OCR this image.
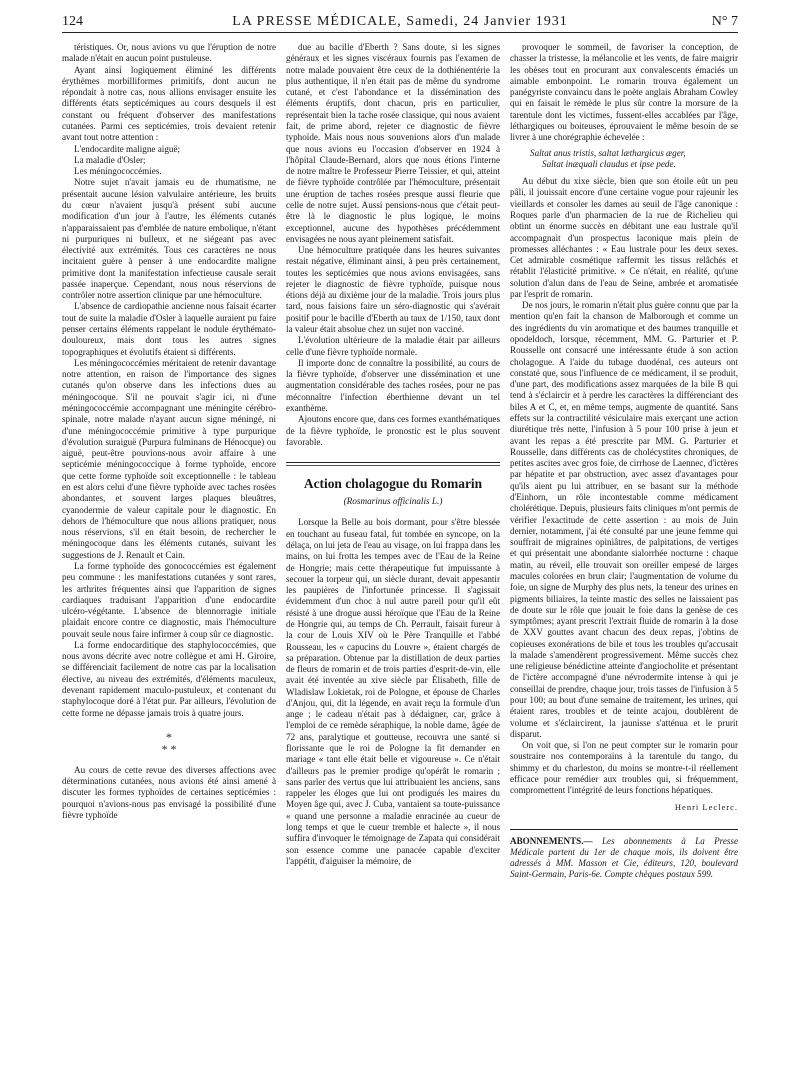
124	LA PRESSE MÉDICALE, Samedi, 24 Janvier 1931	N° 7

téristiques. Or, nous avions vu que l'éruption de notre malade n'était en aucun point pustuleuse.

Ayant ainsi logiquement éliminé les différents érythèmes morbilliformes primitifs, dont aucun ne répondait à notre cas, nous allions envisager ensuite les différents états septicémiques au cours desquels il est constant ou fréquent d'observer des manifestations cutanées. Parmi ces septicémies, trois devaient retenir avant tout notre attention :

L'endocardite maligne aiguë;

La maladie d'Osler;

Les méningococcémies.

Notre sujet n'avait jamais eu de rhumatisme, ne présentait aucune lésion valvulaire antérieure, les bruits du cœur n'avaient jusqu'à présent subi aucune modification d'un jour à l'autre, les éléments cutanés n'apparaissaient pas d'emblée de nature embolique, n'étant ni purpuriques ni bulleux, et ne siégeant pas avec électivité aux extrémités. Tous ces caractères ne nous incitaient guère à penser à une endocardite maligne primitive dont la manifestation infectieuse causale serait passée inaperçue. Cependant, nous nous réservions de contrôler notre assertion clinique par une hémoculture.

L'absence de cardiopathie ancienne nous faisait écarter tout de suite la maladie d'Osler à laquelle auraient pu faire penser certains éléments rappelant le nodule érythémato-douloureux, mais dont tous les autres signes topographiques et évolutifs étaient si différents.

Les méningococcémies méritaient de retenir davantage notre attention, en raison de l'importance des signes cutanés qu'on observe dans les infections dues au méningocoque. S'il ne pouvait s'agir ici, ni d'une méningococcémie accompagnant une méningite cérébro-spinale, notre malade n'ayant aucun signe méningé, ni d'une méningococcémie primitive à type purpurique d'évolution suraiguë (Purpura fulminans de Hénocque) ou aiguë, peut-être pouvions-nous avoir affaire à une septicémie méningococcique à forme typhoïde, encore que cette forme typhoïde soit exceptionnelle : le tableau en est alors celui d'une fièvre typhoïde avec taches rosées abondantes, et souvent larges plaques bleuâtres, cyanodermie de valeur capitale pour le diagnostic. En dehors de l'hémoculture que nous allions pratiquer, nous nous réservions, s'il en était besoin, de rechercher le méningocoque dans les éléments cutanés, suivant les suggestions de J. Renault et Cain.

La forme typhoïde des gonococcémies est également peu commune : les manifestations cutanées y sont rares, les arthrites fréquentes ainsi que l'apparition de signes cardiaques traduisant l'apparition d'une endocardite ulcéro-végétante. L'absence de blennorragie initiale plaidait encore contre ce diagnostic, mais l'hémoculture pouvait seule nous faire infirmer à coup sûr ce diagnostic.

La forme endocarditique des staphylococcémies, que nous avons décrite avec notre collègue et ami H. Giroire, se différenciait facilement de notre cas par la localisation élective, au niveau des extrémités, d'éléments maculeux, devenant rapidement maculo-pustuleux, et contenant du staphylocoque doré à l'état pur. Par ailleurs, l'évolution de cette forme ne dépasse jamais trois à quatre jours.

*
* *

Au cours de cette revue des diverses affections avec déterminations cutanées, nous avions été ainsi amené à discuter les formes typhoïdes de certaines septicémies : pourquoi n'avions-nous pas envisagé la possibilité d'une fièvre typhoïde

due au bacille d'Eberth ? Sans doute, si les signes généraux et les signes viscéraux fournis pas l'examen de notre malade pouvaient être ceux de la dothiénentérie la plus authentique, il n'en était pas de même du syndrome cutané, et c'est l'abondance et la dissémination des éléments éruptifs, dont chacun, pris en particulier, représentait bien la tache rosée classique, qui nous avaient fait, de prime abord, rejeter ce diagnostic de fièvre typhoïde. Mais nous nous souvenions alors d'un malade que nous avions eu l'occasion d'observer en 1924 à l'hôpital Claude-Bernard, alors que nous étions l'interne de notre maître le Professeur Pierre Teissier, et qui, atteint de fièvre typhoïde contrôlée par l'hémoculture, présentait une éruption de taches rosées presque aussi fleurie que celle de notre sujet. Aussi pensions-nous que c'était peut-être là le diagnostic le plus logique, le moins exceptionnel, aucune des hypothèses précédemment envisagées ne nous ayant pleinement satisfait.

Une hémoculture pratiquée dans les heures suivantes restait négative, éliminant ainsi, à peu près certainement, toutes les septicémies que nous avions envisagées, sans rejeter le diagnostic de fièvre typhoïde, puisque nous étions déjà au dixième jour de la maladie. Trois jours plus tard, nous faisions faire un séro-diagnostic qui s'avérait positif pour le bacille d'Eberth au taux de 1/150, taux dont la valeur était absolue chez un sujet non vacciné.

L'évolution ultérieure de la maladie était par ailleurs celle d'une fièvre typhoïde normale.

Il importe donc de connaître la possibilité, au cours de la fièvre typhoïde, d'observer une dissémination et une augmentation considérable des taches rosées, pour ne pas méconnaître l'infection éberthienne devant un tel exanthème.

Ajoutons encore que, dans ces formes exanthématiques de la fièvre typhoïde, le pronostic est le plus souvent favorable.

Action cholagogue du Romarin
(Rosmarinus officinalis L.)

Lorsque la Belle au bois dormant, pour s'être blessée en touchant au fuseau fatal, fut tombée en syncope, on la délaça, on lui jeta de l'eau au visage, on lui frappa dans les mains, on lui frotta les tempes avec de l'Eau de la Reine de Hongrie; mais cette thérapeutique fut impuissante à secouer la torpeur qui, un siècle durant, devait appesantir les paupières de l'infortunée princesse. Il s'agissait évidemment d'un choc à nul autre pareil pour qu'il eût résisté à une drogue aussi héroïque que l'Eau de la Reine de Hongrie qui, au temps de Ch. Perrault, faisait fureur à la cour de Louis XIV où le Père Tranquille et l'abbé Rousseau, les « capucins du Louvre », étaient chargés de sa préparation. Obtenue par la distillation de deux parties de fleurs de romarin et de trois parties d'esprit-de-vin, elle avait été inventée au xive siècle par Élisabeth, fille de Wladislaw Lokietak, roi de Pologne, et épouse de Charles d'Anjou, qui, dit la légende, en avait reçu la formule d'un ange ; le cadeau n'était pas à dédaigner, car, grâce à l'emploi de ce remède séraphique, la noble dame, âgée de 72 ans, paralytique et goutteuse, recouvra une santé si florissante que le roi de Pologne la fit demander en mariage « tant elle était belle et vigoureuse ». Ce n'était d'ailleurs pas le premier prodige qu'opérât le romarin ; sans parler des vertus que lui attribuaient les anciens, sans rappeler les éloges que lui ont prodigués les maires du Moyen âge qui, avec J. Cuba, vantaient sa toute-puissance « quand une personne a maladie enracinée au cueur de long temps et que le cueur tremble et halecte », il nous suffira d'invoquer le témoignage de Zapata qui considérait son essence comme une panacée capable d'exciter l'appétit, d'aiguiser la mémoire, de

provoquer le sommeil, de favoriser la conception, de chasser la tristesse, la mélancolie et les vents, de faire maigrir les obèses tout en procurant aux convalescents émaciés un aimable embonpoint. Le romarin trouva également un panégyriste convaincu dans le poète anglais Abraham Cowley qui en faisait le remède le plus sûr contre la morsure de la tarentule dont les victimes, fussent-elles accablées par l'âge, léthargiques ou boiteuses, éprouvaient le même besoin de se livrer à une chorégraphie échevelée :

Saltat anus tristis, saltat læthargicus æger,
Saltat inæquali claudus et ipse pede.

Au début du xixe siècle, bien que son étoile eût un peu pâli, il jouissait encore d'une certaine vogue pour rajeunir les vieillards et consoler les dames au seuil de l'âge canonique : Roques parle d'un pharmacien de la rue de Richelieu qui obtint un énorme succès en débitant une eau lustrale qu'il accompagnait d'un prospectus laconique mais plein de promesses alléchantes : « Eau lustrale pour les deux sexes. Cet admirable cosmétique raffermit les tissus relâchés et rétablit l'élasticité primitive. » Ce n'était, en réalité, qu'une solution d'alun dans de l'eau de Seine, ambrée et aromatisée par l'esprit de romarin.

De nos jours, le romarin n'était plus guère connu que par la mention qu'en fait la chanson de Malborough et comme un des ingrédients du vin aromatique et des baumes tranquille et opodeldoch, lorsque, récemment, MM. G. Parturier et P. Rousselle ont consacré une intéressante étude à son action cholagogue. A l'aide du tubage duodénal, ces auteurs ont constaté que, sous l'influence de ce médicament, il se produit, d'une part, des modifications assez marquées de la bile B qui tend à s'éclaircir et à perdre les caractères la différenciant des biles A et C, et, en même temps, augmente de quantité. Sans effets sur la contractilité vésiculaire mais exerçant une action diurétique très nette, l'infusion à 5 pour 100 prise à jeun et avant les repas a été prescrite par MM. G. Parturier et Rousselle, dans différents cas de cholécystites chroniques, de petites ascites avec gros foie, de cirrhose de Laennec, d'ictères par hépatite et par obstruction, avec assez d'avantages pour qu'ils aient pu lui attribuer, en se basant sur la méthode d'Einhorn, un rôle incontestable comme médicament cholérétique. Depuis, plusieurs faits cliniques m'ont permis de vérifier l'exactitude de cette assertion : au mois de Juin dernier, notamment, j'ai été consulté par une jeune femme qui souffrait de migraines opiniâtres, de palpitations, de vertiges et qui présentait une abondante sialorrhée nocturne : chaque matin, au réveil, elle trouvait son oreiller empesé de larges macules colorées en brun clair; l'augmentation de volume du foie, un signe de Murphy des plus nets, la teneur des urines en pigments biliaires, la teinte mastic des selles ne laissaient pas de doute sur le rôle que jouait le foie dans la genèse de ces symptômes; ayant prescrit l'extrait fluide de romarin à la dose de XXV gouttes avant chacun des deux repas, j'obtins de copieuses exonérations de bile et tous les troubles qu'accusait la malade s'amendèrent progressivement. Même succès chez une religieuse bénédictine atteinte d'angiocholite et présentant de l'ictère accompagné d'une névrodermite intense à qui je conseillai de prendre, chaque jour, trois tasses de l'infusion à 5 pour 100; au bout d'une semaine de traitement, les urines, qui étaient rares, troubles et de teinte acajou, doublèrent de volume et s'éclaircirent, la jaunisse s'atténua et le prurit disparut.

On voit que, si l'on ne peut compter sur le romarin pour soustraire nos contemporains à la tarentule du tango, du shimmy et du charleston, du moins se montre-t-il réellement efficace pour remédier aux troubles qui, si fréquemment, compromettent l'intégrité de leurs fonctions hépatiques.

Henri Leclerc.
ABONNEMENTS.— Les abonnements à La Presse Médicale partent du 1er de chaque mois, ils doivent être adressés à MM. Masson et Cie, éditeurs, 120, boulevard Saint-Germain, Paris-6e. Compte chèques postaux 599.
